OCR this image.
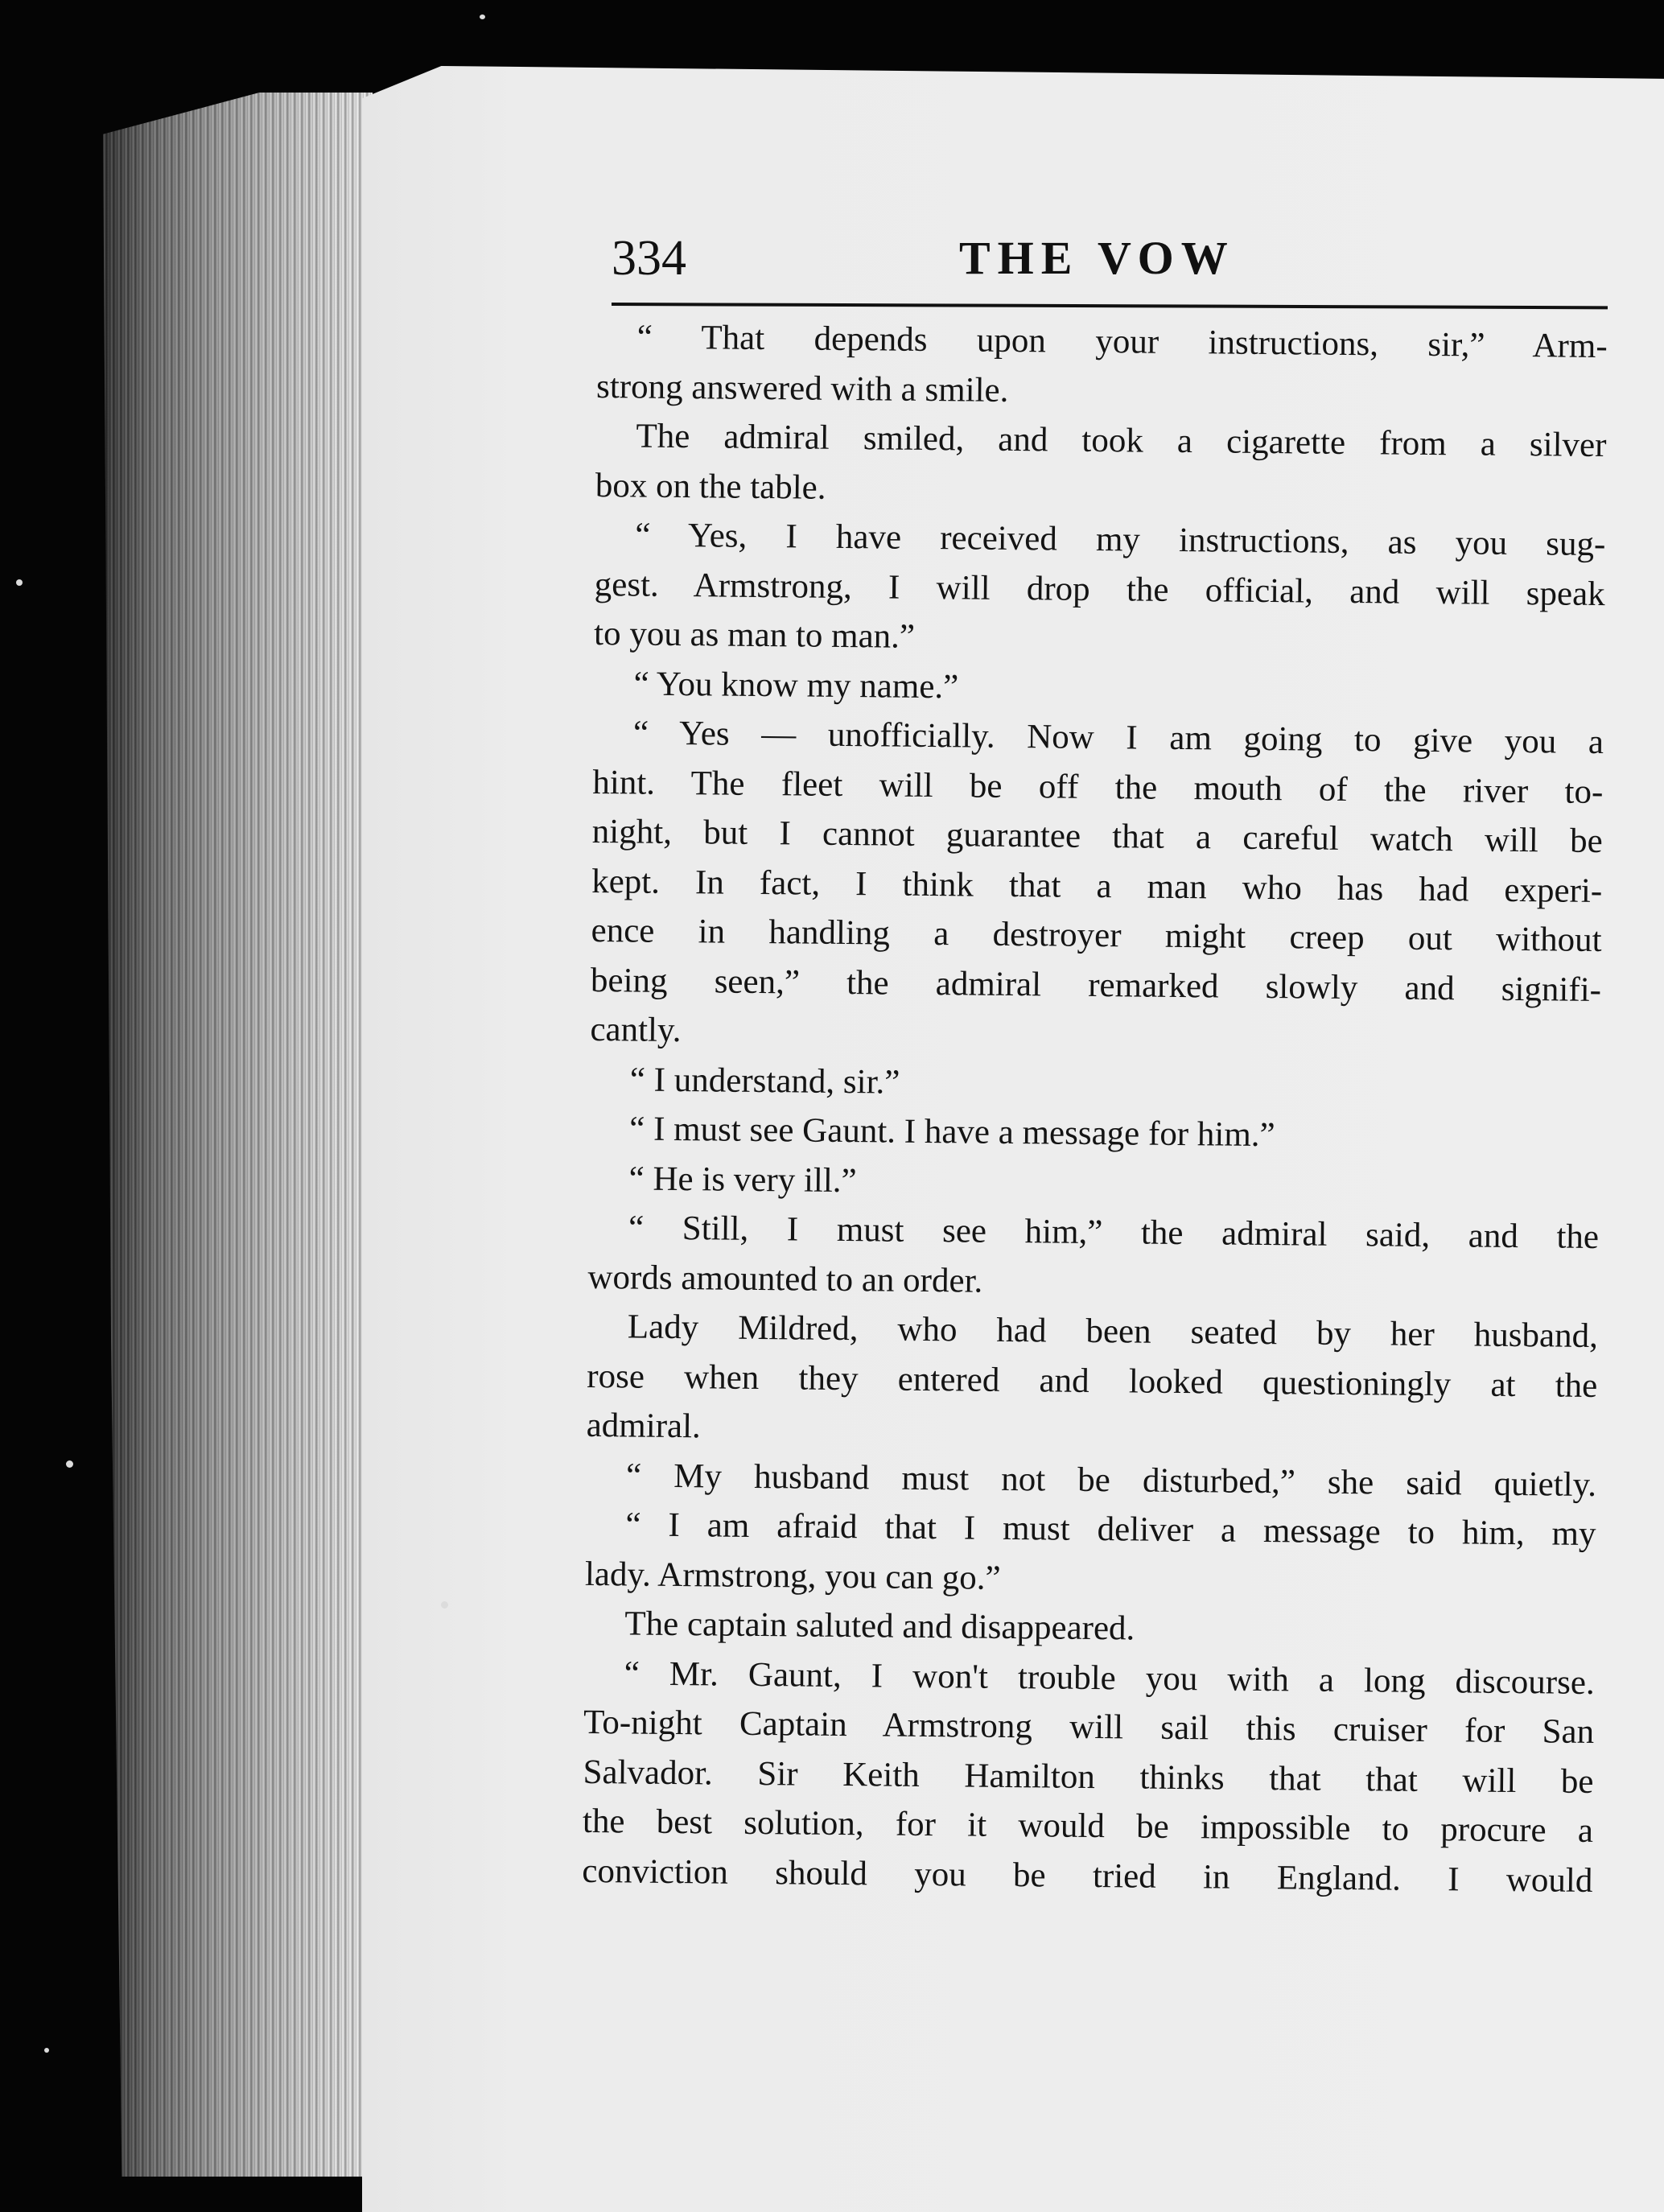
334	THE VOW
“ That depends upon your instructions, sir,” Arm-
strong answered with a smile.
The admiral smiled, and took a cigarette from a silver
box on the table.
“ Yes, I have received my instructions, as you sug-
gest. Armstrong, I will drop the official, and will speak
to you as man to man.”
“ You know my name.”
“ Yes — unofficially. Now I am going to give you a
hint. The fleet will be off the mouth of the river to-
night, but I cannot guarantee that a careful watch will be
kept. In fact, I think that a man who has had experi-
ence in handling a destroyer might creep out without
being seen,” the admiral remarked slowly and signifi-
cantly.
“ I understand, sir.”
“ I must see Gaunt. I have a message for him.”
“ He is very ill.”
“ Still, I must see him,” the admiral said, and the
words amounted to an order.
Lady Mildred, who had been seated by her husband,
rose when they entered and looked questioningly at the
admiral.
“ My husband must not be disturbed,” she said quietly.
“ I am afraid that I must deliver a message to him, my
lady. Armstrong, you can go.”
The captain saluted and disappeared.
“ Mr. Gaunt, I won't trouble you with a long discourse.
To-night Captain Armstrong will sail this cruiser for San
Salvador. Sir Keith Hamilton thinks that that will be
the best solution, for it would be impossible to procure a
conviction should you be tried in England. I would
